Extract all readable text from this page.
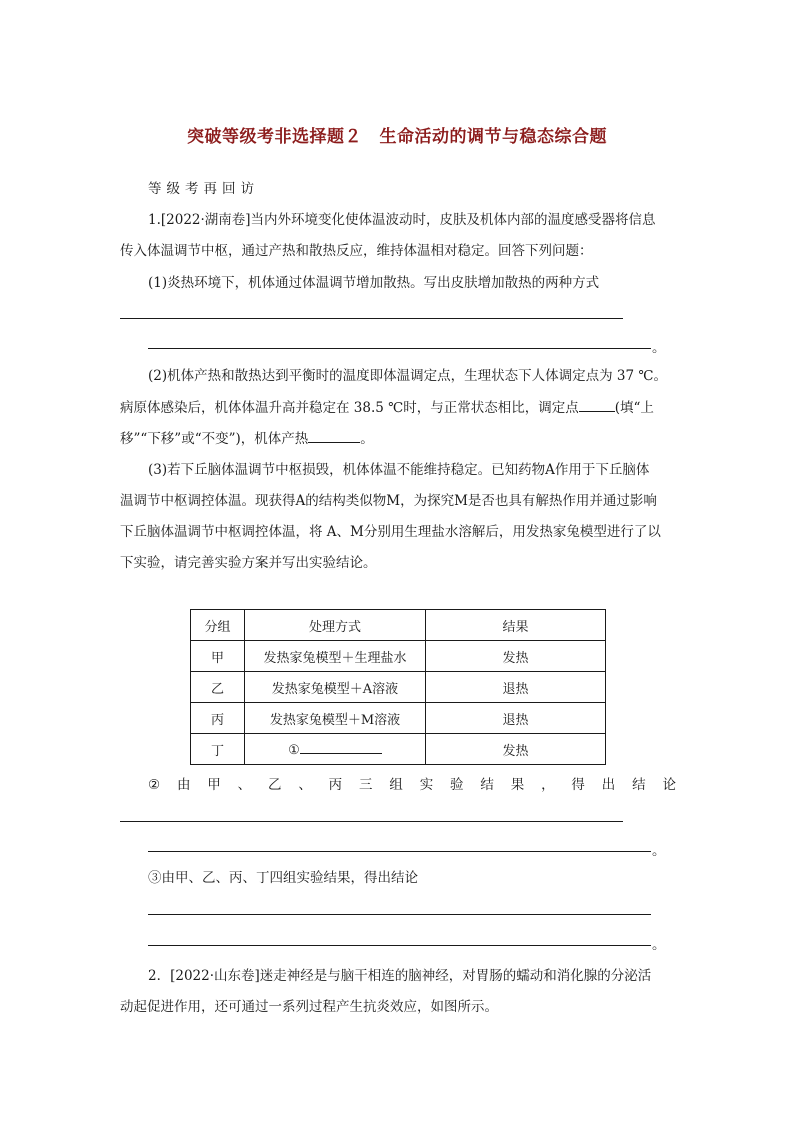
突破等级考非选择题２　生命活动的调节与稳态综合题
等级考再回访
1.[2022·湖南卷]当内外环境变化使体温波动时，皮肤及机体内部的温度感受器将信息
传入体温调节中枢，通过产热和散热反应，维持体温相对稳定。回答下列问题：
(1)炎热环境下，机体通过体温调节增加散热。写出皮肤增加散热的两种方式
。
(2)机体产热和散热达到平衡时的温度即体温调定点，生理状态下人体调定点为 37 ℃。
病原体感染后，机体体温升高并稳定在 38.5 ℃时，与正常状态相比，调定点	(填“上
移”“下移”或“不变”)，机体产热	。
(3)若下丘脑体温调节中枢损毁，机体体温不能维持稳定。已知药物A作用于下丘脑体
温调节中枢调控体温。现获得A的结构类似物M，为探究M是否也具有解热作用并通过影响
下丘脑体温调节中枢调控体温，将 A、M分别用生理盐水溶解后，用发热家兔模型进行了以
下实验，请完善实验方案并写出实验结论。
分组	处理方式	结果
甲	发热家兔模型＋生理盐水	发热
乙	发热家兔模型＋A溶液	退热
丙	发热家兔模型＋M溶液	退热
丁	①	发热
② 由 甲 、 乙 、 丙 三 组 实 验 结 果 ， 得 出 结 论
。
③由甲、乙、丙、丁四组实验结果，得出结论
。
2．[2022·山东卷]迷走神经是与脑干相连的脑神经，对胃肠的蠕动和消化腺的分泌活
动起促进作用，还可通过一系列过程产生抗炎效应，如图所示。
